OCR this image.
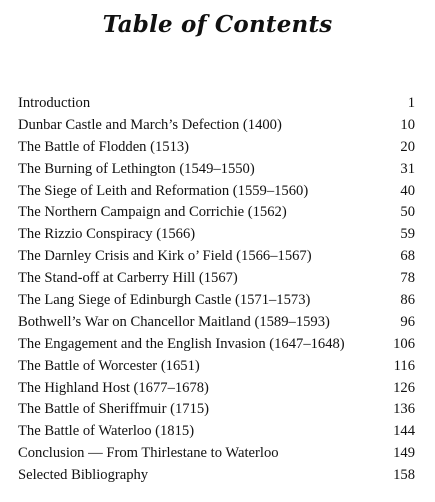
Table of Contents
Introduction	1
Dunbar Castle and March’s Defection (1400)	10
The Battle of Flodden (1513)	20
The Burning of Lethington (1549–1550)	31
The Siege of Leith and Reformation (1559–1560)	40
The Northern Campaign and Corrichie (1562)	50
The Rizzio Conspiracy (1566)	59
The Darnley Crisis and Kirk o’ Field (1566–1567)	68
The Stand-off at Carberry Hill (1567)	78
The Lang Siege of Edinburgh Castle (1571–1573)	86
Bothwell’s War on Chancellor Maitland (1589–1593)	96
The Engagement and the English Invasion (1647–1648)	106
The Battle of Worcester (1651)	116
The Highland Host (1677–1678)	126
The Battle of Sheriffmuir (1715)	136
The Battle of Waterloo (1815)	144
Conclusion — From Thirlestane to Waterloo	149
Selected Bibliography	158
